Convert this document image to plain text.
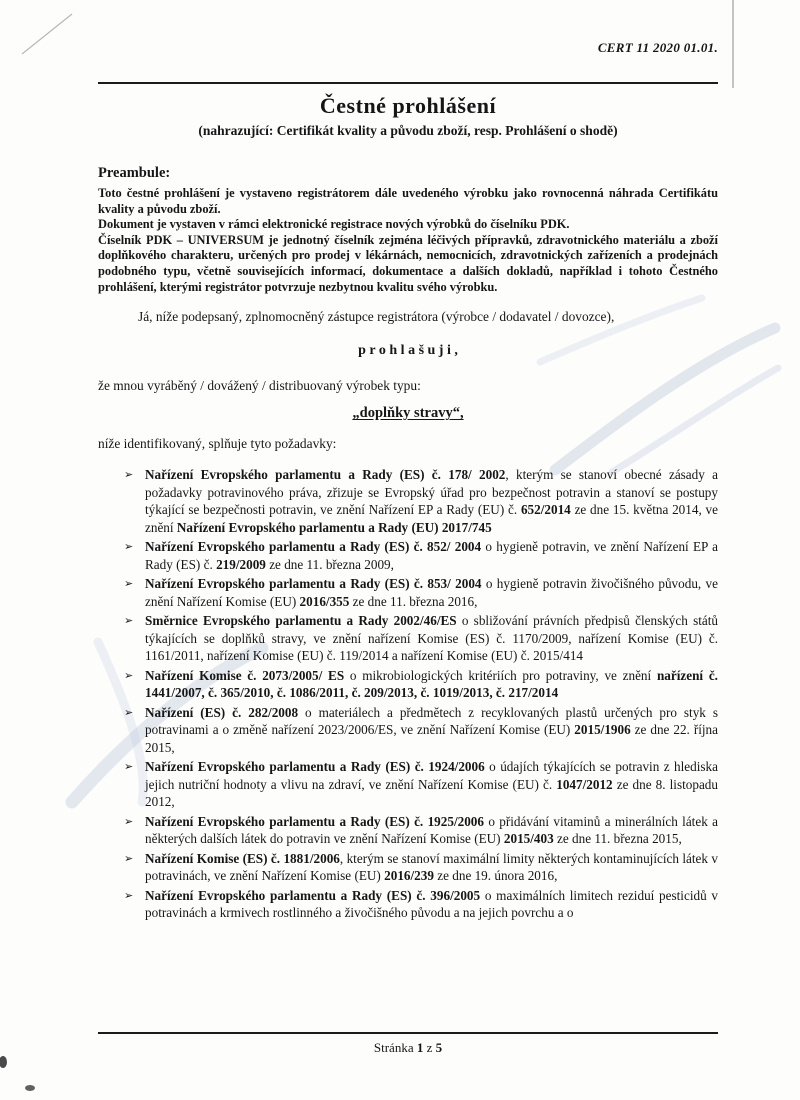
CERT 11 2020 01.01.
Čestné prohlášení
(nahrazující: Certifikát kvality a původu zboží, resp. Prohlášení o shodě)
Preambule:

Toto čestné prohlášení je vystaveno registrátorem dále uvedeného výrobku jako rovnocenná náhrada Certifikátu kvality a původu zboží.

Dokument je vystaven v rámci elektronické registrace nových výrobků do číselníku PDK.

Číselník PDK – UNIVERSUM je jednotný číselník zejména léčivých přípravků, zdravotnického materiálu a zboží doplňkového charakteru, určených pro prodej v lékárnách, nemocnicích, zdravotnických zařízeních a prodejnách podobného typu, včetně souvisejících informací, dokumentace a dalších dokladů, například i tohoto Čestného prohlášení, kterými registrátor potvrzuje nezbytnou kvalitu svého výrobku.

Já, níže podepsaný, zplnomocněný zástupce registrátora (výrobce / dodavatel / dovozce),

p r o h l a š u j i ,

že mnou vyráběný / dovážený / distribuovaný výrobek typu:

„doplňky stravy“,

níže identifikovaný, splňuje tyto požadavky:

➢ Nařízení Evropského parlamentu a Rady (ES) č. 178/ 2002, kterým se stanoví obecné zásady a požadavky potravinového práva, zřizuje se Evropský úřad pro bezpečnost potravin a stanoví se postupy týkající se bezpečnosti potravin, ve znění Nařízení EP a Rady (EU) č. 652/2014 ze dne 15. května 2014, ve znění Nařízení Evropského parlamentu a Rady (EU) 2017/745
➢ Nařízení Evropského parlamentu a Rady (ES) č. 852/ 2004 o hygieně potravin, ve znění Nařízení EP a Rady (ES) č. 219/2009 ze dne 11. března 2009,
➢ Nařízení Evropského parlamentu a Rady (ES) č. 853/ 2004 o hygieně potravin živočišného původu, ve znění Nařízení Komise (EU) 2016/355 ze dne 11. března 2016,
➢ Směrnice Evropského parlamentu a Rady 2002/46/ES o sbližování právních předpisů členských států týkajících se doplňků stravy, ve znění nařízení Komise (ES) č. 1170/2009, nařízení Komise (EU) č. 1161/2011, nařízení Komise (EU) č. 119/2014 a nařízení Komise (EU) č. 2015/414
➢ Nařízení Komise č. 2073/2005/ ES o mikrobiologických kritériích pro potraviny, ve znění nařízení č. 1441/2007, č. 365/2010, č. 1086/2011, č. 209/2013, č. 1019/2013, č. 217/2014
➢ Nařízení (ES) č. 282/2008 o materiálech a předmětech z recyklovaných plastů určených pro styk s potravinami a o změně nařízení 2023/2006/ES, ve znění Nařízení Komise (EU) 2015/1906 ze dne 22. října 2015,
➢ Nařízení Evropského parlamentu a Rady (ES) č. 1924/2006 o údajích týkajících se potravin z hlediska jejich nutriční hodnoty a vlivu na zdraví, ve znění Nařízení Komise (EU) č. 1047/2012 ze dne 8. listopadu 2012,
➢ Nařízení Evropského parlamentu a Rady (ES) č. 1925/2006 o přidávání vitaminů a minerálních látek a některých dalších látek do potravin ve znění Nařízení Komise (EU) 2015/403 ze dne 11. března 2015,
➢ Nařízení Komise (ES) č. 1881/2006, kterým se stanoví maximální limity některých kontaminujících látek v potravinách, ve znění Nařízení Komise (EU) 2016/239 ze dne 19. února 2016,
➢ Nařízení Evropského parlamentu a Rady (ES) č. 396/2005 o maximálních limitech reziduí pesticidů v potravinách a krmivech rostlinného a živočišného původu a na jejich povrchu a o
Stránka 1 z 5
